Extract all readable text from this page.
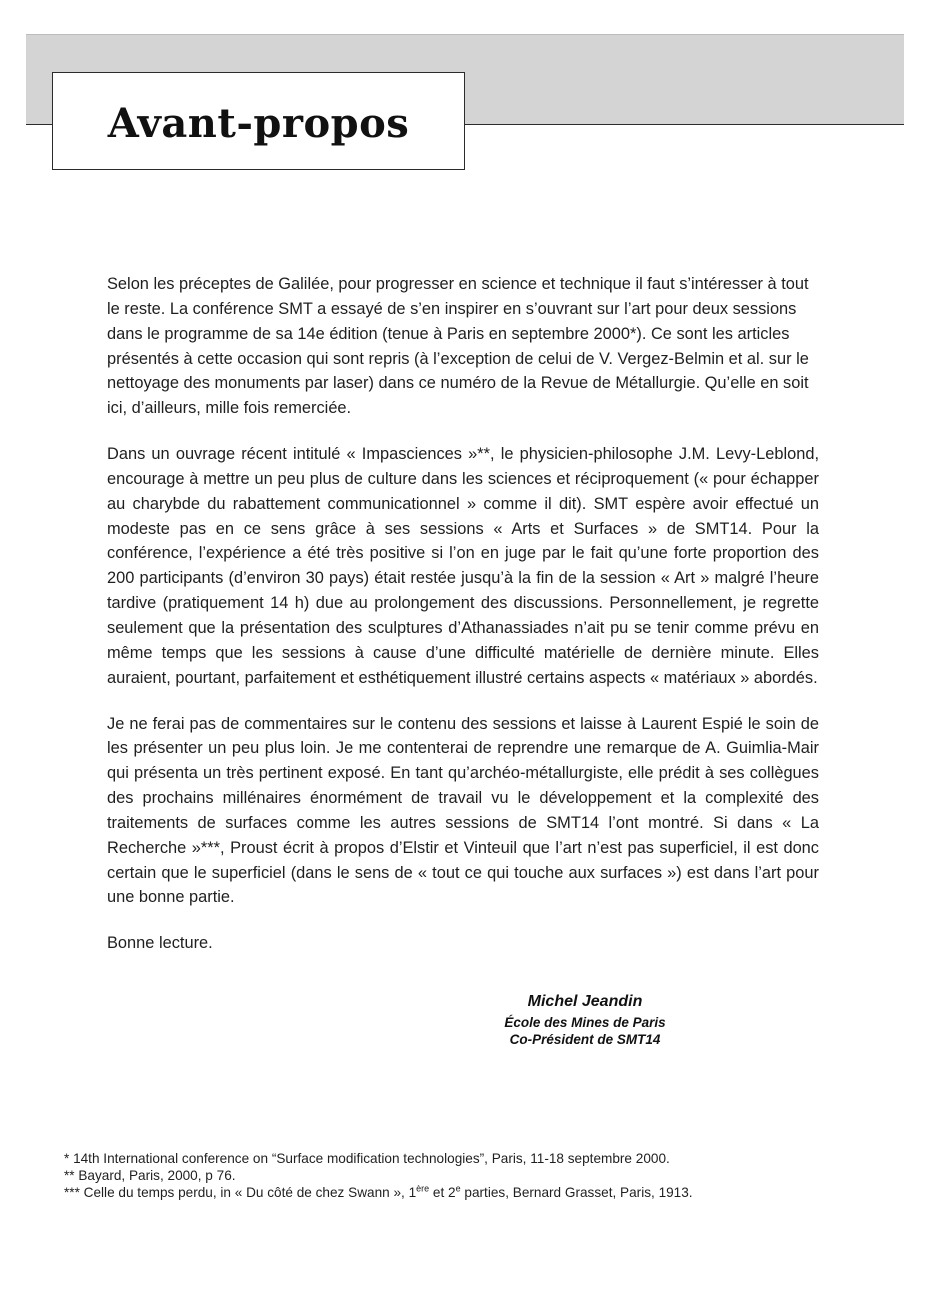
Avant-propos

Selon les préceptes de Galilée, pour progresser en science et technique il faut s’intéresser à tout le reste. La conférence SMT a essayé de s’en inspirer en s’ouvrant sur l’art pour deux sessions dans le programme de sa 14e édition (tenue à Paris en septembre 2000*). Ce sont les articles présentés à cette occasion qui sont repris (à l’exception de celui de V. Vergez-Belmin et al. sur le nettoyage des monuments par laser) dans ce numéro de la Revue de Métallurgie. Qu’elle en soit ici, d’ailleurs, mille fois remerciée.

Dans un ouvrage récent intitulé « Impasciences »**, le physicien-philosophe J.M. Levy-Leblond, encourage à mettre un peu plus de culture dans les sciences et réciproquement (« pour échapper au charybde du rabattement communicationnel » comme il dit). SMT espère avoir effectué un modeste pas en ce sens grâce à ses sessions « Arts et Surfaces » de SMT14. Pour la conférence, l’expérience a été très positive si l’on en juge par le fait qu’une forte proportion des 200 participants (d’environ 30 pays) était restée jusqu’à la fin de la session « Art » malgré l’heure tardive (pratiquement 14 h) due au prolongement des discussions. Personnellement, je regrette seulement que la présentation des sculptures d’Athanassiades n’ait pu se tenir comme prévu en même temps que les sessions à cause d’une difficulté matérielle de dernière minute. Elles auraient, pourtant, parfaitement et esthétiquement illustré certains aspects « matériaux » abordés.

Je ne ferai pas de commentaires sur le contenu des sessions et laisse à Laurent Espié le soin de les présenter un peu plus loin. Je me contenterai de reprendre une remarque de A. Guimlia-Mair qui présenta un très pertinent exposé. En tant qu’archéo-métallurgiste, elle prédit à ses collègues des prochains millénaires énormément de travail vu le développement et la complexité des traitements de surfaces comme les autres sessions de SMT14 l’ont montré. Si dans « La Recherche »***, Proust écrit à propos d’Elstir et Vinteuil que l’art n’est pas superficiel, il est donc certain que le superficiel (dans le sens de « tout ce qui touche aux surfaces ») est dans l’art pour une bonne partie.

Bonne lecture.

Michel Jeandin
École des Mines de Paris
Co-Président de SMT14
* 14th International conference on “Surface modification technologies”, Paris, 11-18 septembre 2000.
** Bayard, Paris, 2000, p 76.
*** Celle du temps perdu, in « Du côté de chez Swann », 1ère et 2e parties, Bernard Grasset, Paris, 1913.
